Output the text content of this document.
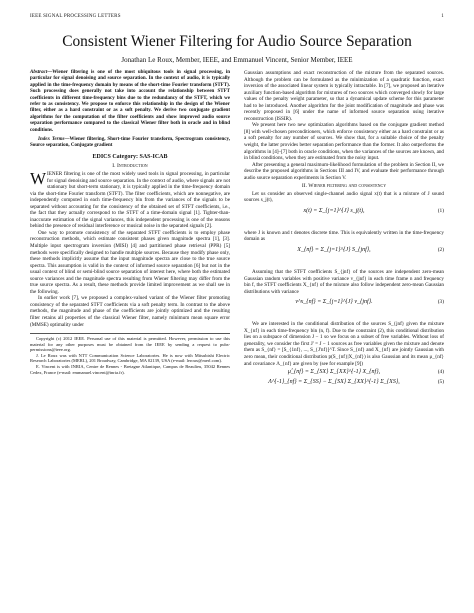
IEEE SIGNAL PROCESSING LETTERS	1
Consistent Wiener Filtering for Audio Source Separation
Jonathan Le Roux, Member, IEEE, and Emmanuel Vincent, Senior Member, IEEE

Abstract—Wiener filtering is one of the most ubiquitous tools in signal processing, in particular for signal denoising and source separation. In the context of audio, it is typically applied in the time-frequency domain by means of the short-time Fourier transform (STFT). Such processing does generally not take into account the relationship between STFT coefficients in different time-frequency bins due to the redundancy of the STFT, which we refer to as consistency. We propose to enforce this relationship in the design of the Wiener filter, either as a hard constraint or as a soft penalty. We derive two conjugate gradient algorithms for the computation of the filter coefficients and show improved audio source separation performance compared to the classical Wiener filter both in oracle and in blind conditions.

Index Terms—Wiener filtering, Short-time Fourier transform, Spectrogram consistency, Source separation, Conjugate gradient

EDICS Category: SAS-ICAB

I. Introduction

WIENER filtering is one of the most widely used tools in signal processing, in particular for signal denoising and source separation. In the context of audio, where signals are not stationary but short-term stationary, it is typically applied in the time-frequency domain via the short-time Fourier transform (STFT). The filter coefficients, which are nonnegative, are independently computed in each time-frequency bin from the variances of the signals to be separated without accounting for the consistency of the obtained set of STFT coefficients, i.e., the fact that they actually correspond to the STFT of a time-domain signal [1]. Tighter-than-inaccurate estimation of the signal variances, this independent processing is one of the reasons behind the presence of residual interference or musical noise in the separated signals [2].

One way to promote consistency of the separated STFT coefficients is to employ phase reconstruction methods, which estimate consistent phases given magnitude spectra [1], [3]. Multiple input spectrogram inversion (MISI) [4] and partitioned phase retrieval (PPR) [5] methods were specifically designed to handle multiple sources. Because they modify phase only, these methods implicitly assume that the input magnitude spectra are close to the true source spectra. This assumption is valid in the context of informed source separation [6] but not in the usual context of blind or semi-blind source separation of interest here, where both the estimated source variances and the magnitude spectra resulting from Wiener filtering may differ from the true source spectra. As a result, these methods provide limited improvement as we shall see in the following.

In earlier work [7], we proposed a complex-valued variant of the Wiener filter promoting consistency of the separated STFT coefficients via a soft penalty term. In contrast to the above methods, the magnitude and phase of the coefficients are jointly optimized and the resulting filter retains all properties of the classical Wiener filter, namely minimum mean square error (MMSE) optimality under

Copyright (c) 2012 IEEE. Personal use of this material is permitted. However, permission to use this material for any other purposes must be obtained from the IEEE by sending a request to pubs-permissions@ieee.org.

J. Le Roux was with NTT Communication Science Laboratories. He is now with Mitsubishi Electric Research Laboratories (MERL), 201 Broadway, Cambridge, MA 02139, USA (e-mail: leroux@merl.com).

E. Vincent is with INRIA, Centre de Rennes - Bretagne Atlantique, Campus de Beaulieu, 35042 Rennes Cedex, France (e-mail: emmanuel.vincent@inria.fr).

Gaussian assumptions and exact reconstruction of the mixture from the separated sources. Although the problem can be formulated as the minimization of a quadratic function, exact inversion of the associated linear system is typically intractable. In [7], we proposed an iterative auxiliary function-based algorithm for mixtures of two sources which converged slowly for large values of the penalty weight parameter, so that a dynamical update scheme for this parameter had to be introduced. Another algorithm for the joint modification of magnitude and phase was recently proposed in [6] under the name of informed source separation using iterative reconstruction (ISSIR).

We present here two new optimization algorithms based on the conjugate gradient method [8] with well-chosen preconditioners, which enforce consistency either as a hard constraint or as a soft penalty for any number of sources. We show that, for a suitable choice of the penalty weight, the latter provides better separation performance than the former. It also outperforms the algorithms in [4]–[7] both in oracle conditions, when the variances of the sources are known, and in blind conditions, when they are estimated from the noisy input.

After presenting a general maximum-likelihood formulation of the problem in Section II, we describe the proposed algorithms in Sections III and IV, and evaluate their performance through audio source separation experiments in Section V.

II. Wiener filtering and consistency

Let us consider an observed single-channel audio signal x(t) that is a mixture of J sound sources s_j(t),

x(t) = Σ_{j=1}^{J} s_j(t),	(1)

where J is known and t denotes discrete time. This is equivalently written in the time-frequency domain as

X_{nf} = Σ_{j=1}^{J} S_{jnf},	(2)

Assuming that the STFT coefficients S_{jnf} of the sources are independent zero-mean Gaussian random variables with positive variance v_{jnf} in each time frame n and frequency bin f, the STFT coefficients X_{nf} of the mixture also follow independent zero-mean Gaussian distributions with variance

v^x_{nf} = Σ_{j=1}^{J} v_{jnf}.	(3)

We are interested in the conditional distribution of the sources S_{jnf} given the mixture X_{nf} in each time-frequency bin (n, f). Due to the constraint (2), this conditional distribution lies on a subspace of dimension J − 1 so we focus on a subset of free variables. Without loss of generality, we consider the first J' = J − 1 sources as free variables given the mixture and denote them as S_{nf} = [S_{1nf}, ..., S_{J'nf}]^T. Since S_{nf} and X_{nf} are jointly Gaussian with zero mean, their conditional distribution p(S_{nf}|X_{nf}) is also Gaussian and its mean μ_{nf} and covariance Λ_{nf} are given by (see for example [9])

μ̂_{nf} = Σ_{SX} Σ_{XX}^{-1} X_{nf},	(4)
Λ^{-1}_{nf} = Σ_{SS} − Σ_{SX} Σ_{XX}^{-1} Σ_{XS},	(5)
